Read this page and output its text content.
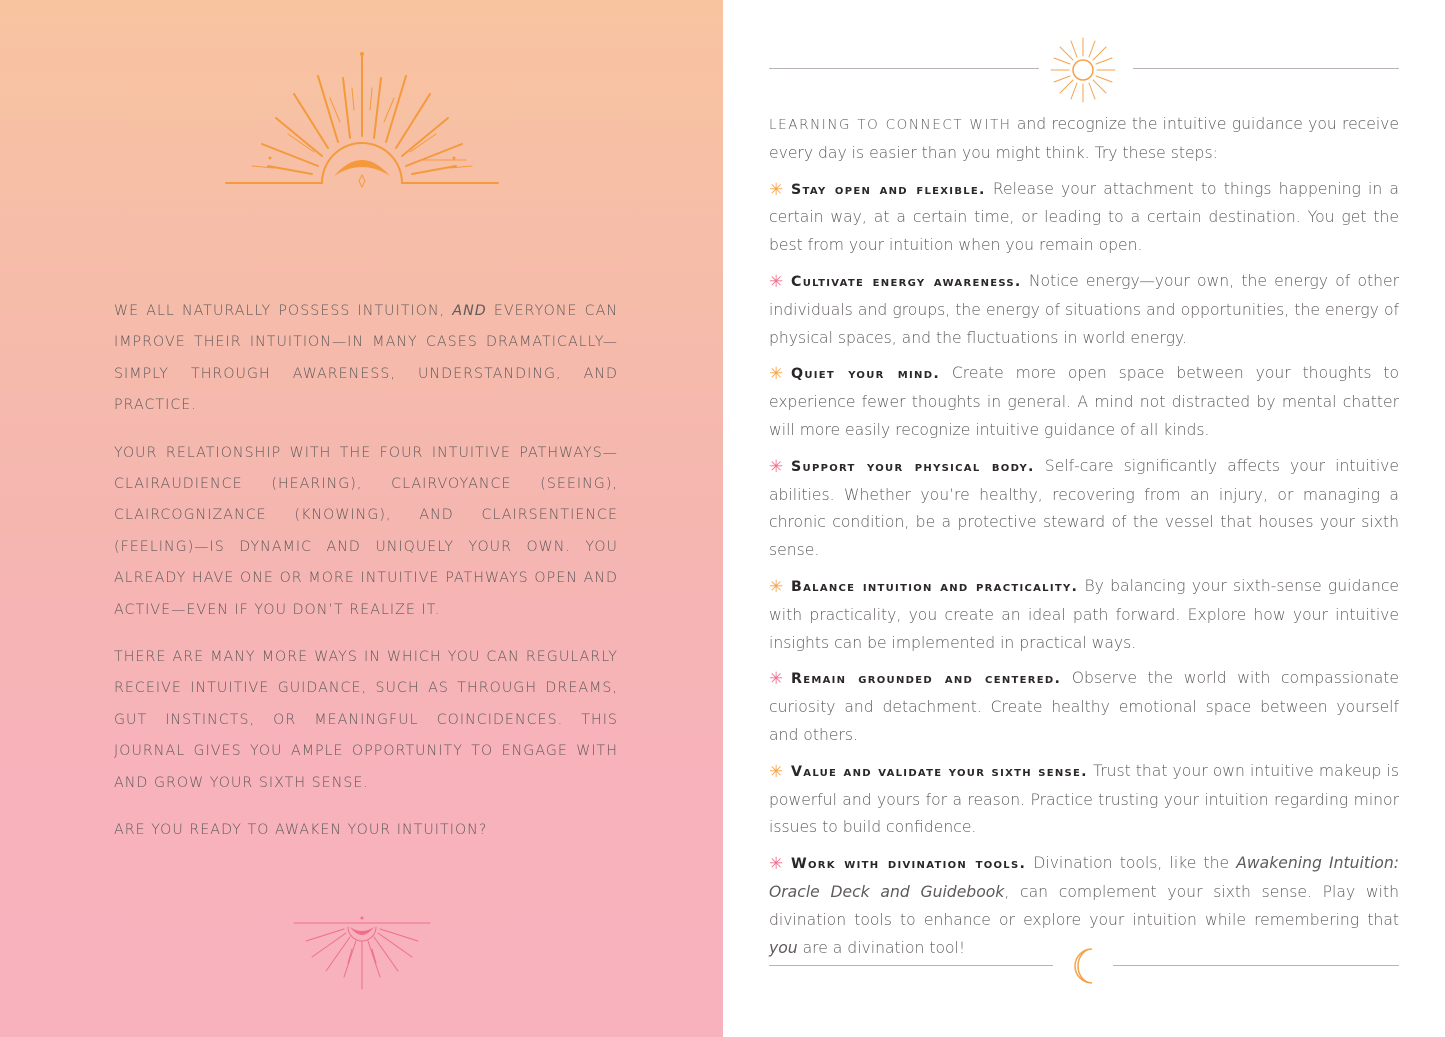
WE ALL NATURALLY POSSESS INTUITION, AND EVERYONE CAN IMPROVE THEIR INTUITION—IN MANY CASES DRAMATICALLY—SIMPLY THROUGH AWARENESS, UNDERSTANDING, AND PRACTICE.

YOUR RELATIONSHIP WITH THE FOUR INTUITIVE PATHWAYS—CLAIRAUDIENCE (HEARING), CLAIRVOYANCE (SEEING), CLAIRCOGNIZANCE (KNOWING), AND CLAIRSENTIENCE (FEELING)—IS DYNAMIC AND UNIQUELY YOUR OWN. YOU ALREADY HAVE ONE OR MORE INTUITIVE PATHWAYS OPEN AND ACTIVE—EVEN IF YOU DON’T REALIZE IT.

THERE ARE MANY MORE WAYS IN WHICH YOU CAN REGULARLY RECEIVE INTUITIVE GUIDANCE, SUCH AS THROUGH DREAMS, GUT INSTINCTS, OR MEANINGFUL COINCIDENCES. THIS JOURNAL GIVES YOU AMPLE OPPORTUNITY TO ENGAGE WITH AND GROW YOUR SIXTH SENSE.

ARE YOU READY TO AWAKEN YOUR INTUITION?

LEARNING TO CONNECT WITH and recognize the intuitive guidance you receive every day is easier than you might think. Try these steps:

✳ Stay open and flexible. Release your attachment to things happening in a certain way, at a certain time, or leading to a certain destination. You get the best from your intuition when you remain open.

✳ Cultivate energy awareness. Notice energy—your own, the energy of other individuals and groups, the energy of situations and opportunities, the energy of physical spaces, and the fluctuations in world energy.

✳ Quiet your mind. Create more open space between your thoughts to experience fewer thoughts in general. A mind not distracted by mental chatter will more easily recognize intuitive guidance of all kinds.

✳ Support your physical body. Self-care significantly affects your intuitive abilities. Whether you’re healthy, recovering from an injury, or managing a chronic condition, be a protective steward of the vessel that houses your sixth sense.

✳ Balance intuition and practicality. By balancing your sixth-sense guidance with practicality, you create an ideal path forward. Explore how your intuitive insights can be implemented in practical ways.

✳ Remain grounded and centered. Observe the world with compassionate curiosity and detachment. Create healthy emotional space between yourself and others.

✳ Value and validate your sixth sense. Trust that your own intuitive makeup is powerful and yours for a reason. Practice trusting your intuition regarding minor issues to build confidence.

✳ Work with divination tools. Divination tools, like the Awakening Intuition: Oracle Deck and Guidebook, can complement your sixth sense. Play with divination tools to enhance or explore your intuition while remembering that you are a divination tool!
